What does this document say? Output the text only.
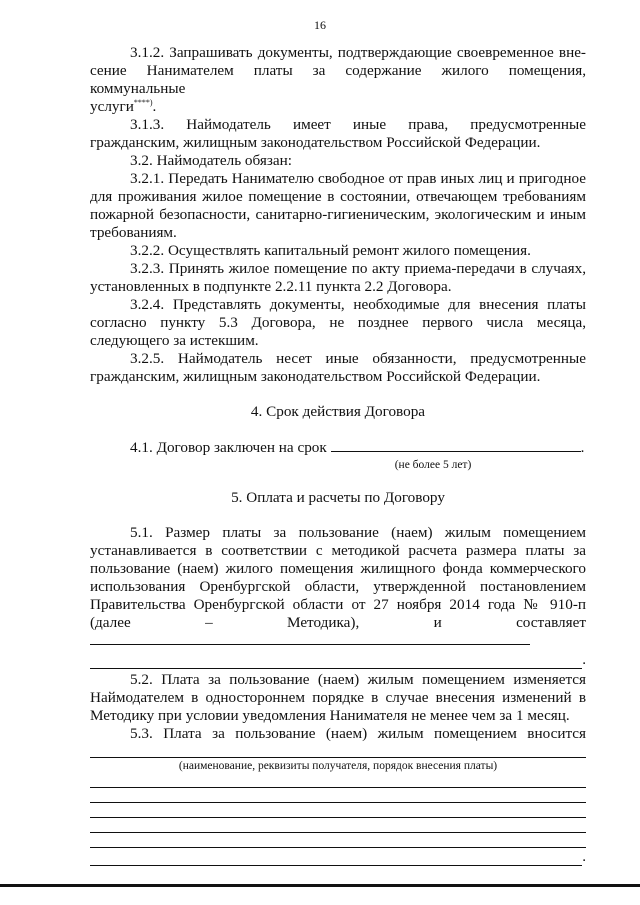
16

3.1.2. Запрашивать документы, подтверждающие своевременное вне-

сение Нанимателем платы за содержание жилого помещения, коммунальные

услуги****).

3.1.3. Наймодатель имеет иные права, предусмотренные гражданским, жилищным законодательством Российской Федерации.

3.2. Наймодатель обязан:

3.2.1. Передать Нанимателю свободное от прав иных лиц и пригодное для проживания жилое помещение в состоянии, отвечающем требованиям пожарной безопасности, санитарно-гигиеническим, экологическим и иным требованиям.

3.2.2. Осуществлять капитальный ремонт жилого помещения.

3.2.3. Принять жилое помещение по акту приема-передачи в случаях, установленных в подпункте 2.2.11 пункта 2.2 Договора.

3.2.4. Представлять документы, необходимые для внесения платы согласно пункту 5.3 Договора, не позднее первого числа месяца, следующего за истекшим.

3.2.5. Наймодатель несет иные обязанности, предусмотренные гражданским, жилищным законодательством Российской Федерации.

4. Срок действия Договора

4.1. Договор заключен на срок	.

(не более 5 лет)

5. Оплата и расчеты по Договору

5.1. Размер платы за пользование (наем) жилым помещением устанавливается в соответствии с методикой расчета размера платы за пользование (наем) жилого помещения жилищного фонда коммерческого использования Оренбургской области, утвержденной постановлением Правительства Оренбургской области от 27 ноября 2014 года № 910-п (далее – Методика), и составляет

.

5.2. Плата за пользование (наем) жилым помещением изменяется Наймодателем в одностороннем порядке в случае внесения изменений в Методику при условии уведомления Нанимателя не менее чем за 1 месяц.

5.3. Плата за пользование (наем) жилым помещением вносится

(наименование, реквизиты получателя, порядок внесения платы)

.
